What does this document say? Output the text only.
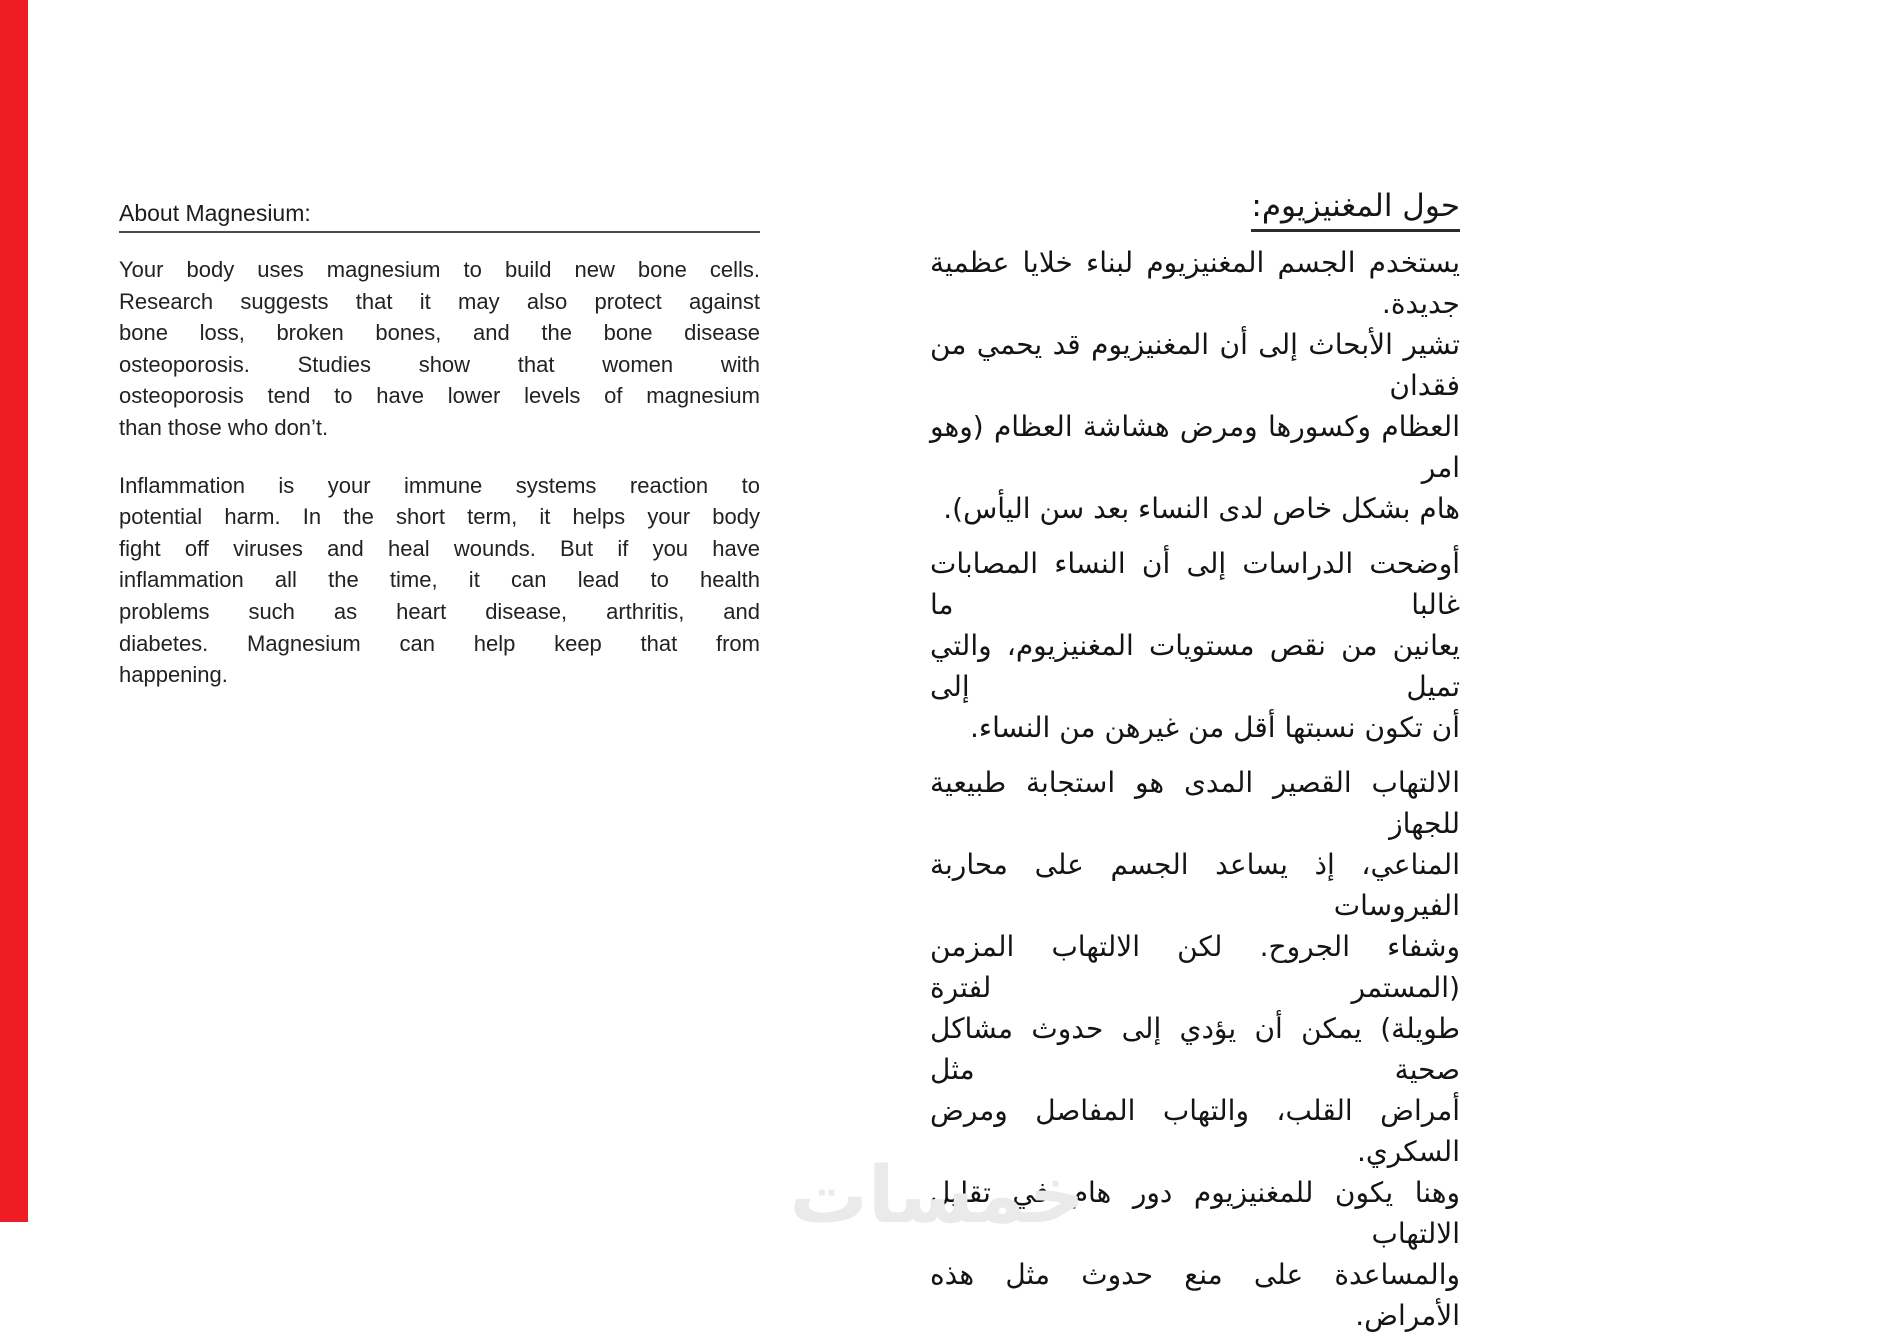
About Magnesium:
Your body uses magnesium to build new bone cells.
Research suggests that it may also protect against
bone loss, broken bones, and the bone disease
osteoporosis. Studies show that women with
osteoporosis tend to have lower levels of magnesium
than those who don’t.
Inflammation is your immune systems reaction to
potential harm. In the short term, it helps your body
fight off viruses and heal wounds. But if you have
inflammation all the time, it can lead to health
problems such as heart disease, arthritis, and
diabetes. Magnesium can help keep that from
happening.
حول المغنيزيوم:
يستخدم الجسم المغنيزيوم لبناء خلايا عظمية جديدة.
تشير الأبحاث إلى أن المغنيزيوم قد يحمي من فقدان
العظام وكسورها ومرض هشاشة العظام (وهو امر
هام بشكل خاص لدى النساء بعد سن اليأس).
أوضحت الدراسات إلى أن النساء المصابات غالبا ما
يعانين من نقص مستويات المغنيزيوم، والتي تميل إلى
أن تكون نسبتها أقل من غيرهن من النساء.
الالتهاب القصير المدى هو استجابة طبيعية للجهاز
المناعي، إذ يساعد الجسم على محاربة الفيروسات
وشفاء الجروح. لكن الالتهاب المزمن (المستمر لفترة
طويلة) يمكن أن يؤدي إلى حدوث مشاكل صحية مثل
أمراض القلب، والتهاب المفاصل ومرض السكري.
وهنا يكون للمغنيزيوم دور هام في تقليل الالتهاب
والمساعدة على منع حدوث مثل هذه الأمراض.
خمسات
